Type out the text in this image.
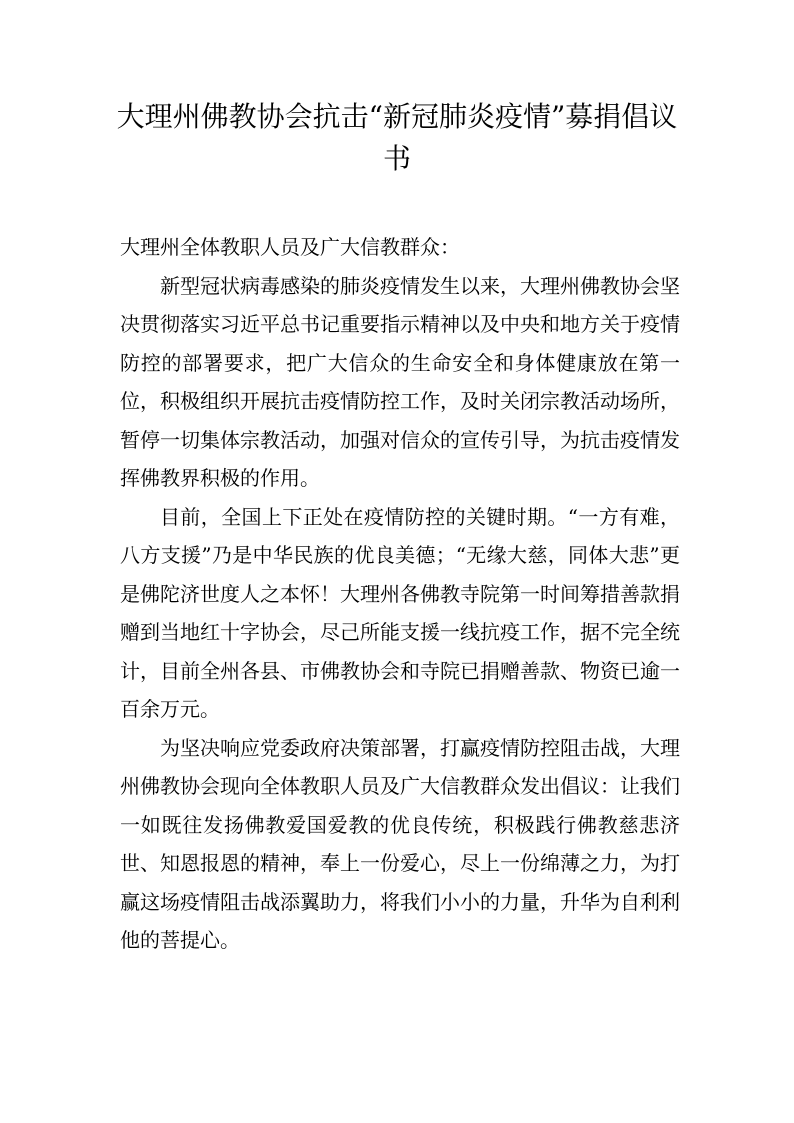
大理州佛教协会抗击“新冠肺炎疫情”募捐倡议书

大理州全体教职人员及广大信教群众：

新型冠状病毒感染的肺炎疫情发生以来，大理州佛教协会坚决贯彻落实习近平总书记重要指示精神以及中央和地方关于疫情防控的部署要求，把广大信众的生命安全和身体健康放在第一位，积极组织开展抗击疫情防控工作，及时关闭宗教活动场所，暂停一切集体宗教活动，加强对信众的宣传引导，为抗击疫情发挥佛教界积极的作用。

目前，全国上下正处在疫情防控的关键时期。“一方有难，八方支援”乃是中华民族的优良美德；“无缘大慈，同体大悲”更是佛陀济世度人之本怀！大理州各佛教寺院第一时间筹措善款捐赠到当地红十字协会，尽己所能支援一线抗疫工作，据不完全统计，目前全州各县、市佛教协会和寺院已捐赠善款、物资已逾一百余万元。

为坚决响应党委政府决策部署，打赢疫情防控阻击战，大理州佛教协会现向全体教职人员及广大信教群众发出倡议：让我们一如既往发扬佛教爱国爱教的优良传统，积极践行佛教慈悲济世、知恩报恩的精神，奉上一份爱心，尽上一份绵薄之力，为打赢这场疫情阻击战添翼助力，将我们小小的力量，升华为自利利他的菩提心。
